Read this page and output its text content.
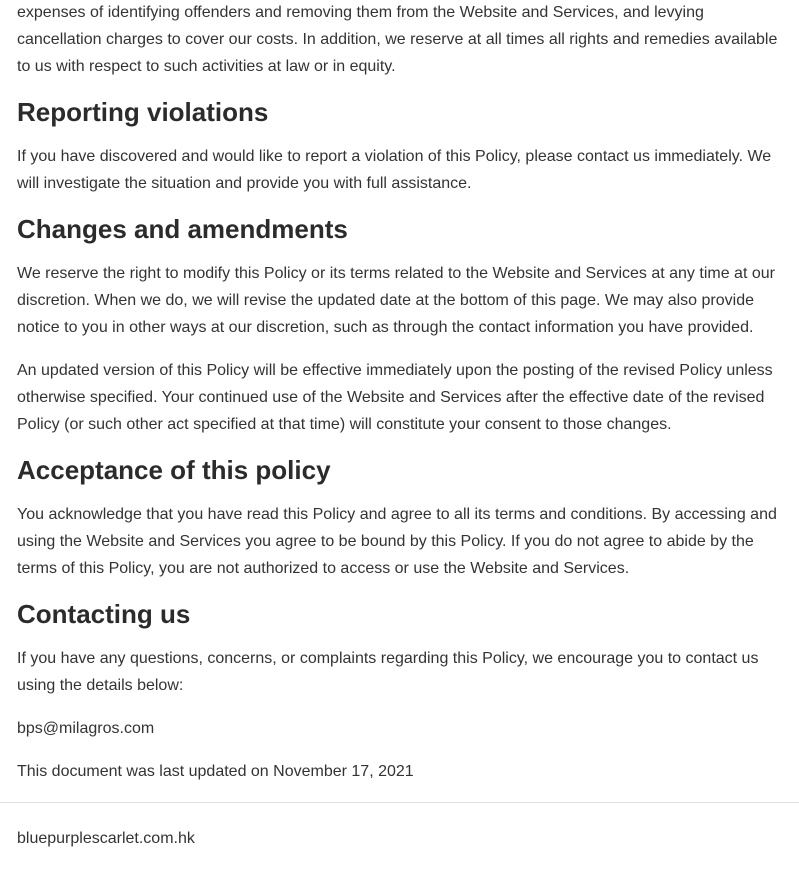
expenses of identifying offenders and removing them from the Website and Services, and levying cancellation charges to cover our costs. In addition, we reserve at all times all rights and remedies available to us with respect to such activities at law or in equity.

Reporting violations

If you have discovered and would like to report a violation of this Policy, please contact us immediately. We will investigate the situation and provide you with full assistance.

Changes and amendments

We reserve the right to modify this Policy or its terms related to the Website and Services at any time at our discretion. When we do, we will revise the updated date at the bottom of this page. We may also provide notice to you in other ways at our discretion, such as through the contact information you have provided.

An updated version of this Policy will be effective immediately upon the posting of the revised Policy unless otherwise specified. Your continued use of the Website and Services after the effective date of the revised Policy (or such other act specified at that time) will constitute your consent to those changes.

Acceptance of this policy

You acknowledge that you have read this Policy and agree to all its terms and conditions. By accessing and using the Website and Services you agree to be bound by this Policy. If you do not agree to abide by the terms of this Policy, you are not authorized to access or use the Website and Services.

Contacting us

If you have any questions, concerns, or complaints regarding this Policy, we encourage you to contact us using the details below:

bps@milagros.com

This document was last updated on November 17, 2021

bluepurplescarlet.com.hk
